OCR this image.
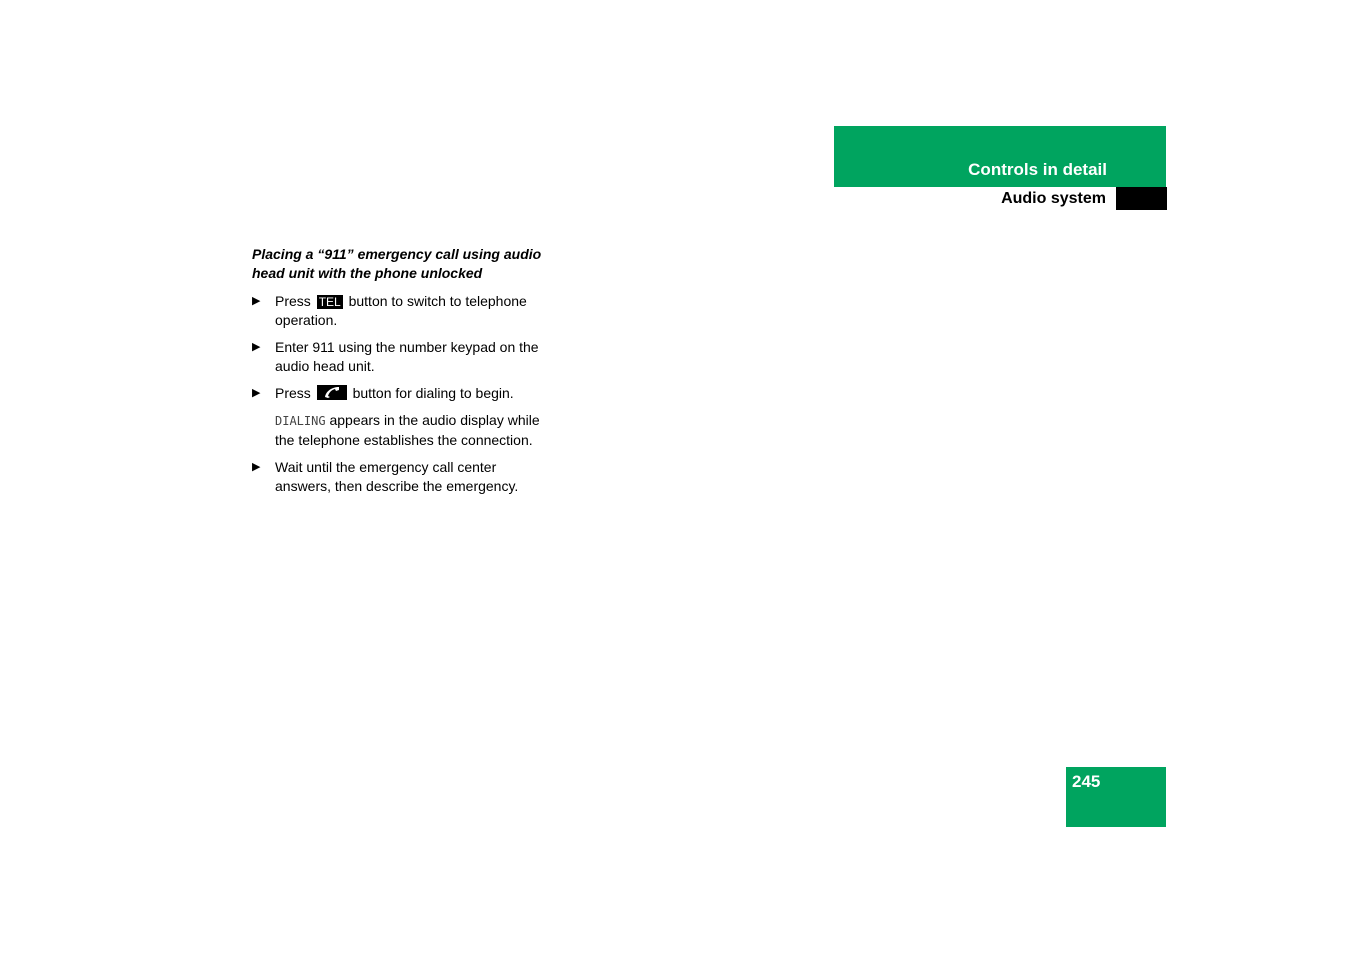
Controls in detail
Audio system
Placing a “911” emergency call using audio head unit with the phone unlocked
▶ Press TEL button to switch to telephone operation.
▶ Enter 911 using the number keypad on the audio head unit.
▶ Press	button for dialing to begin.
DIALING appears in the audio display while the telephone establishes the connection.
▶ Wait until the emergency call center answers, then describe the emergency.
245
